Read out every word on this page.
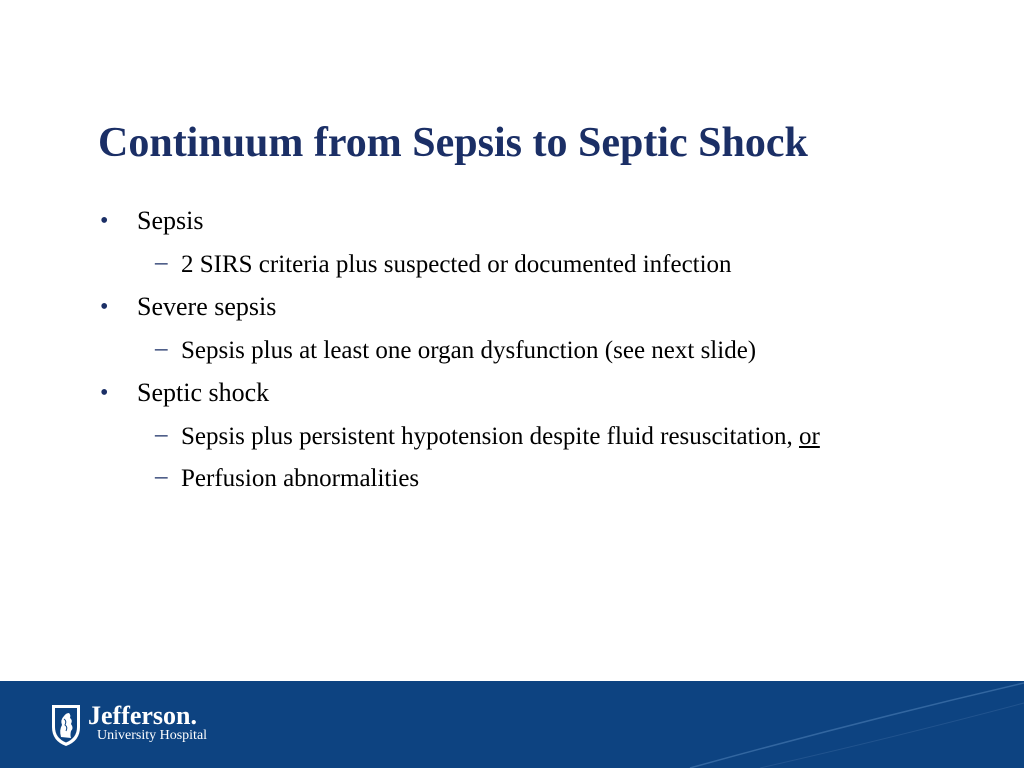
Continuum from Sepsis to Septic Shock
• Sepsis
– 2 SIRS criteria plus suspected or documented infection
• Severe sepsis
– Sepsis plus at least one organ dysfunction (see next slide)
• Septic shock
– Sepsis plus persistent hypotension despite fluid resuscitation, or
– Perfusion abnormalities
Jefferson.
University Hospital
